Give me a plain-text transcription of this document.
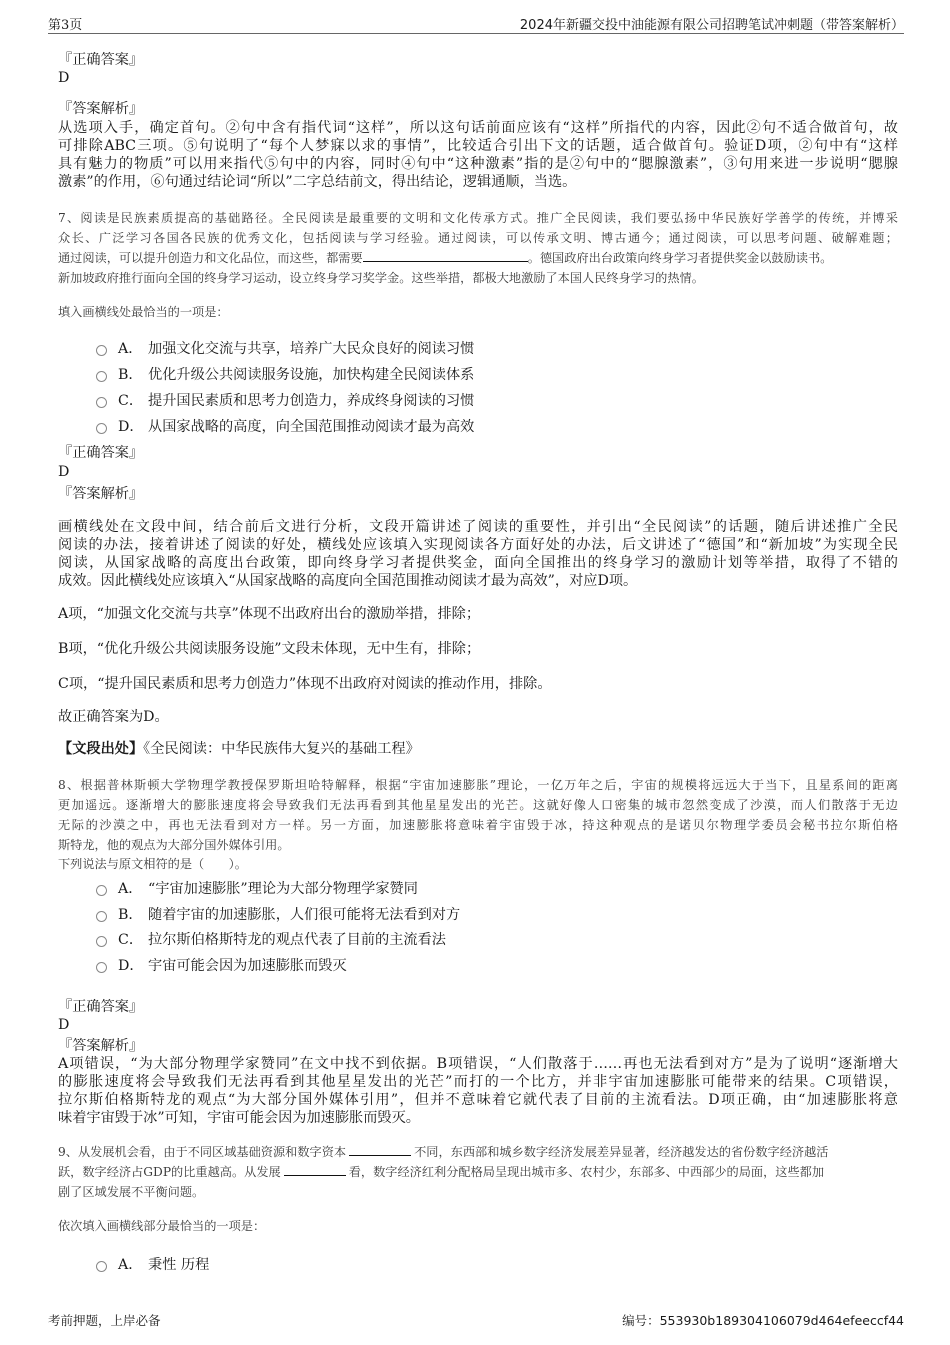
第3页	2024年新疆交投中油能源有限公司招聘笔试冲刺题（带答案解析）
『正确答案』
D
『答案解析』
从选项入手，确定首句。②句中含有指代词“这样”，所以这句话前面应该有“这样”所指代的内容，因此②句不适合做首句，故
可排除ABC三项。⑤句说明了“每个人梦寐以求的事情”，比较适合引出下文的话题，适合做首句。验证D项，②句中有“这样
具有魅力的物质”可以用来指代⑤句中的内容，同时④句中“这种激素”指的是②句中的“腮腺激素”，③句用来进一步说明“腮腺
激素”的作用，⑥句通过结论词“所以”二字总结前文，得出结论，逻辑通顺，当选。
7、阅读是民族素质提高的基础路径。全民阅读是最重要的文明和文化传承方式。推广全民阅读，我们要弘扬中华民族好学善学的传统，并博采
众长、广泛学习各国各民族的优秀文化，包括阅读与学习经验。通过阅读，可以传承文明、博古通今；通过阅读，可以思考问题、破解难题；
通过阅读，可以提升创造力和文化品位，而这些，都需要	。德国政府出台政策向终身学习者提供奖金以鼓励读书。
新加坡政府推行面向全国的终身学习运动，设立终身学习奖学金。这些举措，都极大地激励了本国人民终身学习的热情。
填入画横线处最恰当的一项是：
A． 加强文化交流与共享，培养广大民众良好的阅读习惯
B． 优化升级公共阅读服务设施，加快构建全民阅读体系
C． 提升国民素质和思考力创造力，养成终身阅读的习惯
D． 从国家战略的高度，向全国范围推动阅读才最为高效
『正确答案』
D
『答案解析』
画横线处在文段中间，结合前后文进行分析，文段开篇讲述了阅读的重要性，并引出“全民阅读”的话题，随后讲述推广全民
阅读的办法，接着讲述了阅读的好处，横线处应该填入实现阅读各方面好处的办法，后文讲述了“德国”和“新加坡”为实现全民
阅读，从国家战略的高度出台政策，即向终身学习者提供奖金，面向全国推出的终身学习的激励计划等举措，取得了不错的
成效。因此横线处应该填入“从国家战略的高度向全国范围推动阅读才最为高效”，对应D项。
A项，“加强文化交流与共享”体现不出政府出台的激励举措，排除；
B项，“优化升级公共阅读服务设施”文段未体现，无中生有，排除；
C项，“提升国民素质和思考力创造力”体现不出政府对阅读的推动作用，排除。
故正确答案为D。
【文段出处】《全民阅读：中华民族伟大复兴的基础工程》
8、根据普林斯顿大学物理学教授保罗斯坦哈特解释，根据“宇宙加速膨胀”理论，一亿万年之后，宇宙的规模将远远大于当下，且星系间的距离
更加遥远。逐渐增大的膨胀速度将会导致我们无法再看到其他星星发出的光芒。这就好像人口密集的城市忽然变成了沙漠，而人们散落于无边
无际的沙漠之中，再也无法看到对方一样。另一方面，加速膨胀将意味着宇宙毁于冰，持这种观点的是诺贝尔物理学委员会秘书拉尔斯伯格
斯特龙，他的观点为大部分国外媒体引用。
下列说法与原文相符的是（　　）。
A． “宇宙加速膨胀”理论为大部分物理学家赞同
B． 随着宇宙的加速膨胀，人们很可能将无法看到对方
C． 拉尔斯伯格斯特龙的观点代表了目前的主流看法
D． 宇宙可能会因为加速膨胀而毁灭
『正确答案』
D
『答案解析』
A项错误，“为大部分物理学家赞同”在文中找不到依据。B项错误，“人们散落于……再也无法看到对方”是为了说明“逐渐增大
的膨胀速度将会导致我们无法再看到其他星星发出的光芒”而打的一个比方，并非宇宙加速膨胀可能带来的结果。C项错误，
拉尔斯伯格斯特龙的观点“为大部分国外媒体引用”，但并不意味着它就代表了目前的主流看法。D项正确，由“加速膨胀将意
味着宇宙毁于冰”可知，宇宙可能会因为加速膨胀而毁灭。
9、从发展机会看，由于不同区域基础资源和数字资本	不同，东西部和城乡数字经济发展差异显著，经济越发达的省份数字经济越活
跃，数字经济占GDP的比重越高。从发展	看，数字经济红利分配格局呈现出城市多、农村少，东部多、中西部少的局面，这些都加
剧了区域发展不平衡问题。
依次填入画横线部分最恰当的一项是：
A． 秉性 历程
考前押题，上岸必备	编号：553930b189304106079d464efeeccf44
